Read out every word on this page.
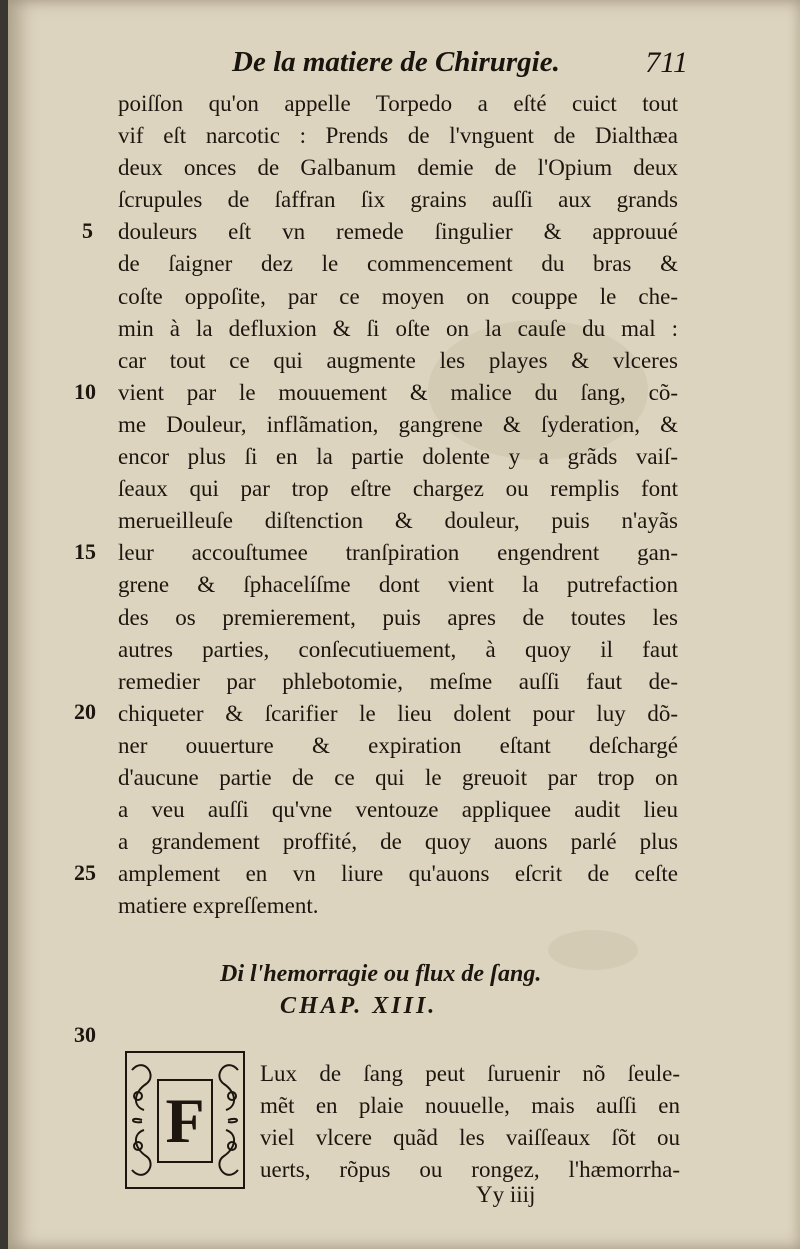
De la matiere de Chirurgie.	711
5
10
15
20
25
30
poiſſon qu'on appelle Torpedo a eſté cuict tout
vif eſt narcotic : Prends de l'vnguent de Dialthæa
deux onces de Galbanum demie de l'Opium deux
ſcrupules de ſaffran ſix grains auſſi aux grands
douleurs eſt vn remede ſingulier & approuué
de ſaigner dez le commencement du bras &
coſte oppoſite, par ce moyen on couppe le che-
min à la defluxion & ſi oſte on la cauſe du mal :
car tout ce qui augmente les playes & vlceres
vient par le mouuement & malice du ſang, cõ-
me Douleur, inflãmation, gangrene & ſyderation, &
encor plus ſi en la partie dolente y a grãds vaiſ-
ſeaux qui par trop eſtre chargez ou remplis font
merueilleuſe diſtenction & douleur, puis n'ayãs
leur accouſtumee tranſpiration engendrent gan-
grene & ſphacelíſme dont vient la putrefaction
des os premierement, puis apres de toutes les
autres parties, conſecutiuement, à quoy il faut
remedier par phlebotomie, meſme auſſi faut de-
chiqueter & ſcarifier le lieu dolent pour luy dõ-
ner ouuerture & expiration eſtant deſchargé
d'aucune partie de ce qui le greuoit par trop on
a veu auſſi qu'vne ventouze appliquee audit lieu
a grandement proffité, de quoy auons parlé plus
amplement en vn liure qu'auons eſcrit de ceſte
matiere expreſſement.
Di l'hemorragie ou flux de ſang.
CHAP. XIII.
F
Lux de ſang peut ſuruenir nõ ſeule-
mẽt en plaie nouuelle, mais auſſi en
viel vlcere quãd les vaiſſeaux ſõt ou
uerts, rõpus ou rongez, l'hæmorrha-
Yy iiij
